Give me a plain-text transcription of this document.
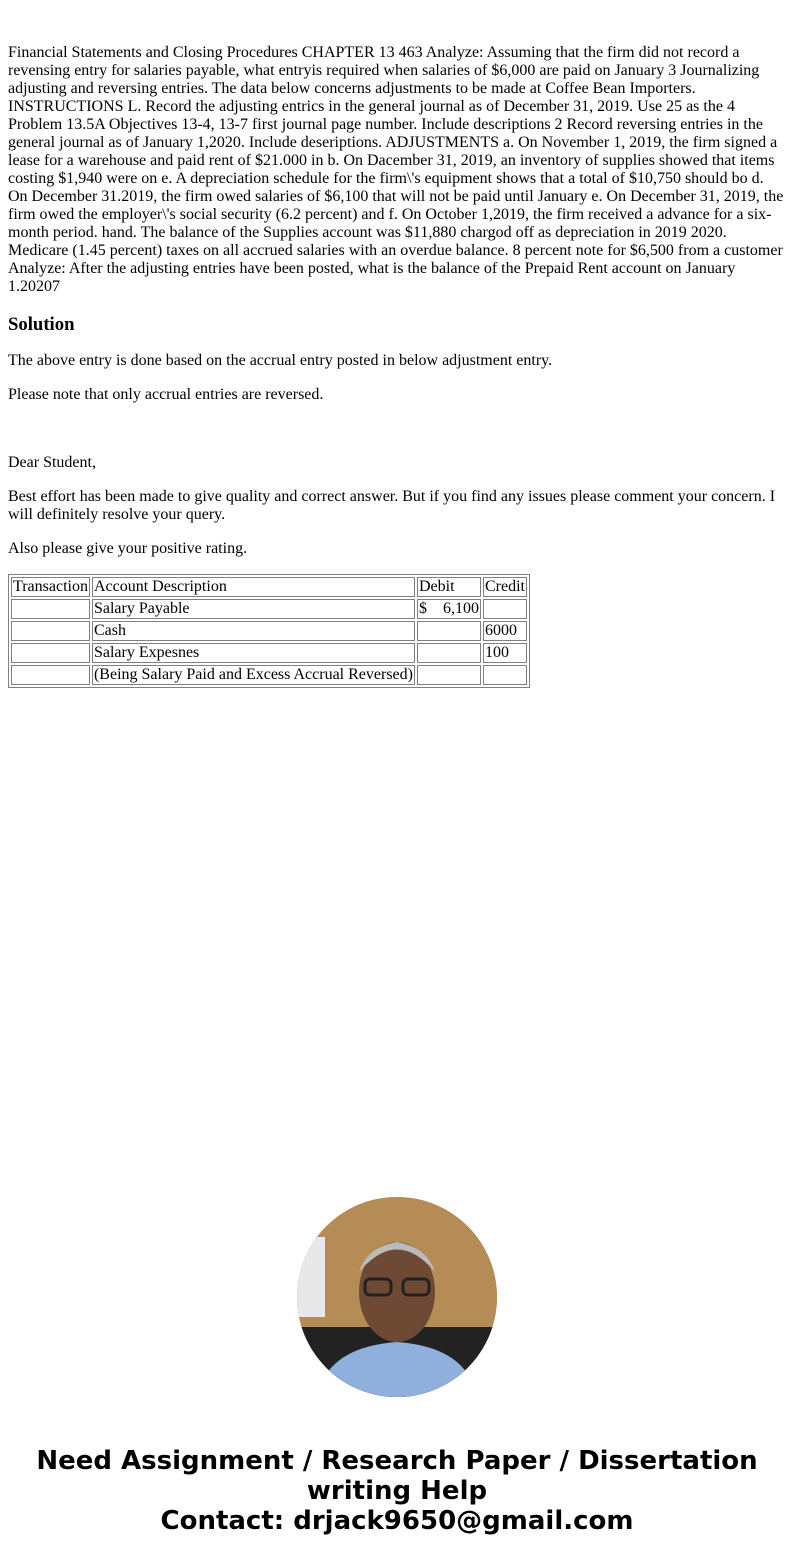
Financial Statements and Closing Procedures CHAPTER 13 463 Analyze: Assuming that the firm did not record a revensing entry for salaries payable, what entryis required when salaries of $6,000 are paid on January 3 Journalizing adjusting and reversing entries. The data below concerns adjustments to be made at Coffee Bean Importers. INSTRUCTIONS L. Record the adjusting entrics in the general journal as of December 31, 2019. Use 25 as the 4 Problem 13.5A Objectives 13-4, 13-7 first journal page number. Include descriptions 2 Record reversing entries in the general journal as of January 1,2020. Include deseriptions. ADJUSTMENTS a. On November 1, 2019, the firm signed a lease for a warehouse and paid rent of $21.000 in b. On Dacember 31, 2019, an inventory of supplies showed that items costing $1,940 were on e. A depreciation schedule for the firm\'s equipment shows that a total of $10,750 should bo d. On December 31.2019, the firm owed salaries of $6,100 that will not be paid until January e. On December 31, 2019, the firm owed the employer\'s social security (6.2 percent) and f. On October 1,2019, the firm received a advance for a six-month period. hand. The balance of the Supplies account was $11,880 chargod off as depreciation in 2019 2020. Medicare (1.45 percent) taxes on all accrued salaries with an overdue balance. 8 percent note for $6,500 from a customer Analyze: After the adjusting entries have been posted, what is the balance of the Prepaid Rent account on January 1.20207

Solution

The above entry is done based on the accrual entry posted in below adjustment entry.

Please note that only accrual entries are reversed.

Dear Student,

Best effort has been made to give quality and correct answer. But if you find any issues please comment your concern. I will definitely resolve your query.

Also please give your positive rating.

Transaction	Account Description	Debit	Credit
	Salary Payable	$    6,100	
	Cash		6000
	Salary Expesnes		100
	(Being Salary Paid and Excess Accrual Reversed)		
Need Assignment / Research Paper / Dissertation writing Help
Contact: drjack9650@gmail.com
